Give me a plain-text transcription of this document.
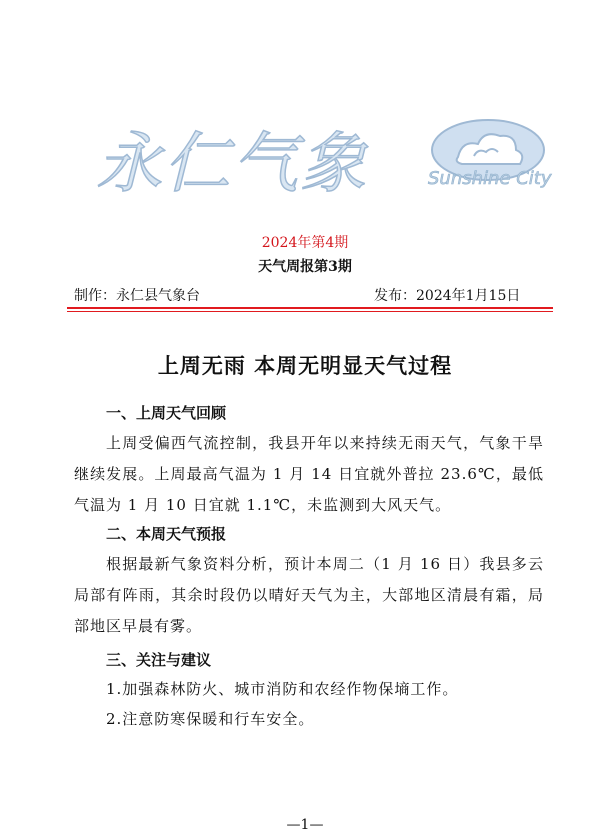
永仁气象	Sunshine City
2024年第4期
天气周报第3期
制作：永仁县气象台	发布：2024年1月15日
上周无雨 本周无明显天气过程
一、上周天气回顾

上周受偏西气流控制，我县开年以来持续无雨天气，气象干旱继续发展。上周最高气温为 1 月 14 日宜就外普拉 23.6℃，最低气温为 1 月 10 日宜就 1.1℃，未监测到大风天气。

二、本周天气预报

根据最新气象资料分析，预计本周二（1 月 16 日）我县多云局部有阵雨，其余时段仍以晴好天气为主，大部地区清晨有霜，局部地区早晨有雾。

三、关注与建议
1.加强森林防火、城市消防和农经作物保墒工作。
2.注意防寒保暖和行车安全。
—1—
